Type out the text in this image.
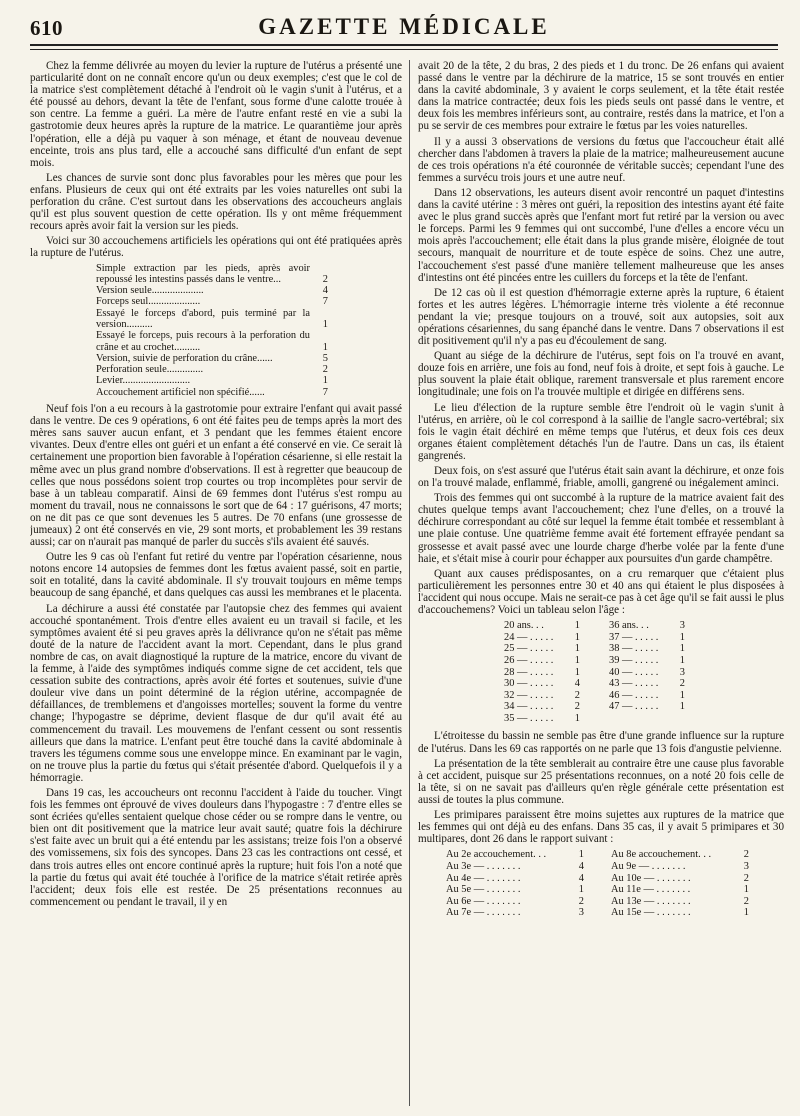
610	GAZETTE MÉDICALE

Chez la femme délivrée au moyen du levier la rupture de l'utérus a présenté une particularité dont on ne connaît encore qu'un ou deux exemples; c'est que le col de la matrice s'est complètement détaché à l'endroit où le vagin s'unit à l'utérus, et a été poussé au dehors, devant la tête de l'enfant, sous forme d'une calotte trouée à son centre. La femme a guéri. La mère de l'autre enfant resté en vie a subi la gastrotomie deux heures après la rupture de la matrice. Le quarantième jour après l'opération, elle a déjà pu vaquer à son ménage, et étant de nouveau devenue enceinte, trois ans plus tard, elle a accouché sans difficulté d'un enfant de sept mois.

Les chances de survie sont donc plus favorables pour les mères que pour les enfans. Plusieurs de ceux qui ont été extraits par les voies naturelles ont subi la perforation du crâne. C'est surtout dans les observations des accoucheurs anglais qu'il est plus souvent question de cette opération. Ils y ont même fréquemment recours après avoir fait la version sur les pieds.

Voici sur 30 accouchemens artificiels les opérations qui ont été pratiquées après la rupture de l'utérus.

Simple extraction par les pieds, après avoir repoussé les intestins passés dans le ventre...	2
Version seule....................	4
Forceps seul....................	7
Essayé le forceps d'abord, puis terminé par la version..........	1
Essayé le forceps, puis recours à la perforation du crâne et au crochet..........	1
Version, suivie de perforation du crâne......	5
Perforation seule..............	2
Levier..........................	1
Accouchement artificiel non spécifié......	7

Neuf fois l'on a eu recours à la gastrotomie pour extraire l'enfant qui avait passé dans le ventre. De ces 9 opérations, 6 ont été faites peu de temps après la mort des mères sans sauver aucun enfant, et 3 pendant que les femmes étaient encore vivantes. Deux d'entre elles ont guéri et un enfant a été conservé en vie. Ce serait là certainement une proportion bien favorable à l'opération césarienne, si elle restait la même avec un plus grand nombre d'observations. Il est à regretter que beaucoup de celles que nous possédons soient trop courtes ou trop incomplètes pour servir de base à un tableau comparatif. Ainsi de 69 femmes dont l'utérus s'est rompu au moment du travail, nous ne connaissons le sort que de 64 : 17 guérisons, 47 morts; on ne dit pas ce que sont devenues les 5 autres. De 70 enfans (une grossesse de jumeaux) 2 ont été conservés en vie, 29 sont morts, et probablement les 39 restans aussi; car on n'aurait pas manqué de parler du succès s'ils avaient été sauvés.

Outre les 9 cas où l'enfant fut retiré du ventre par l'opération césarienne, nous notons encore 14 autopsies de femmes dont les fœtus avaient passé, soit en partie, soit en totalité, dans la cavité abdominale. Il s'y trouvait toujours en même temps beaucoup de sang épanché, et dans quelques cas aussi les membranes et le placenta.

La déchirure a aussi été constatée par l'autopsie chez des femmes qui avaient accouché spontanément. Trois d'entre elles avaient eu un travail si facile, et les symptômes avaient été si peu graves après la délivrance qu'on ne s'était pas même douté de la nature de l'accident avant la mort. Cependant, dans le plus grand nombre de cas, on avait diagnostiqué la rupture de la matrice, encore du vivant de la femme, à l'aide des symptômes indiqués comme signe de cet accident, tels que cessation subite des contractions, après avoir été fortes et soutenues, suivie d'une douleur vive dans un point déterminé de la région utérine, accompagnée de défaillances, de tremblemens et d'angoisses mortelles; souvent la forme du ventre change; l'hypogastre se déprime, devient flasque de dur qu'il avait été au commencement du travail. Les mouvemens de l'enfant cessent ou sont ressentis ailleurs que dans la matrice. L'enfant peut être touché dans la cavité abdominale à travers les tégumens comme sous une enveloppe mince. En examinant par le vagin, on ne trouve plus la partie du fœtus qui s'était présentée d'abord. Quelquefois il y a hémorragie.

Dans 19 cas, les accoucheurs ont reconnu l'accident à l'aide du toucher. Vingt fois les femmes ont éprouvé de vives douleurs dans l'hypogastre : 7 d'entre elles se sont écriées qu'elles sentaient quelque chose céder ou se rompre dans le ventre, ou bien ont dit positivement que la matrice leur avait sauté; quatre fois la déchirure s'est faite avec un bruit qui a été entendu par les assistans; treize fois l'on a observé des vomissemens, six fois des syncopes. Dans 23 cas les contractions ont cessé, et dans trois autres elles ont encore continué après la rupture; huit fois l'on a noté que la partie du fœtus qui avait été touchée à l'orifice de la matrice s'était retirée après l'accident; deux fois elle est restée. De 25 présentations reconnues au commencement ou pendant le travail, il y en

avait 20 de la tête, 2 du bras, 2 des pieds et 1 du tronc. De 26 enfans qui avaient passé dans le ventre par la déchirure de la matrice, 15 se sont trouvés en entier dans la cavité abdominale, 3 y avaient le corps seulement, et la tête était restée dans la matrice contractée; deux fois les pieds seuls ont passé dans le ventre, et deux fois les membres inférieurs sont, au contraire, restés dans la matrice, et l'on a pu se servir de ces membres pour extraire le fœtus par les voies naturelles.

Il y a aussi 3 observations de versions du fœtus que l'accoucheur était allé chercher dans l'abdomen à travers la plaie de la matrice; malheureusement aucune de ces trois opérations n'a été couronnée de véritable succès; cependant l'une des femmes a survécu trois jours et une autre neuf.

Dans 12 observations, les auteurs disent avoir rencontré un paquet d'intestins dans la cavité utérine : 3 mères ont guéri, la reposition des intestins ayant été faite avec le plus grand succès après que l'enfant mort fut retiré par la version ou avec le forceps. Parmi les 9 femmes qui ont succombé, l'une d'elles a encore vécu un mois après l'accouchement; elle était dans la plus grande misère, éloignée de tout secours, manquait de nourriture et de toute espèce de soins. Chez une autre, l'accouchement s'est passé d'une manière tellement malheureuse que les anses d'intestins ont été pincées entre les cuillers du forceps et la tête de l'enfant.

De 12 cas où il est question d'hémorragie externe après la rupture, 6 étaient fortes et les autres légères. L'hémorragie interne très violente a été reconnue pendant la vie; presque toujours on a trouvé, soit aux autopsies, soit aux opérations césariennes, du sang épanché dans le ventre. Dans 7 observations il est dit positivement qu'il n'y a pas eu d'écoulement de sang.

Quant au siége de la déchirure de l'utérus, sept fois on l'a trouvé en avant, douze fois en arrière, une fois au fond, neuf fois à droite, et sept fois à gauche. Le plus souvent la plaie était oblique, rarement transversale et plus rarement encore longitudinale; une fois on l'a trouvée multiple et dirigée en différens sens.

Le lieu d'élection de la rupture semble être l'endroit où le vagin s'unit à l'utérus, en arrière, où le col correspond à la saillie de l'angle sacro-vertébral; six fois le vagin était déchiré en même temps que l'utérus, et deux fois ces deux organes étaient complètement détachés l'un de l'autre. Dans un cas, ils étaient gangrenés.

Deux fois, on s'est assuré que l'utérus était sain avant la déchirure, et onze fois on l'a trouvé malade, enflammé, friable, amolli, gangrené ou inégalement aminci.

Trois des femmes qui ont succombé à la rupture de la matrice avaient fait des chutes quelque temps avant l'accouchement; chez l'une d'elles, on a trouvé la déchirure correspondant au côté sur lequel la femme était tombée et ressemblant à une plaie contuse. Une quatrième femme avait été fortement effrayée pendant sa grossesse et avait passé avec une lourde charge d'herbe volée par la fente d'une haie, et s'était mise à courir pour échapper aux poursuites d'un garde champêtre.

Quant aux causes prédisposantes, on a cru remarquer que c'étaient plus particulièrement les personnes entre 30 et 40 ans qui étaient le plus disposées à l'accident qui nous occupe. Mais ne serait-ce pas à cet âge qu'il se fait aussi le plus d'accouchemens? Voici un tableau selon l'âge :

20 ans. . .	1
24 — . . . . .	1
25 — . . . . .	1
26 — . . . . .	1
28 — . . . . .	1
30 — . . . . .	4
32 — . . . . .	2
34 — . . . . .	2
35 — . . . . .	1
36 ans. . .	3
37 — . . . . .	1
38 — . . . . .	1
39 — . . . . .	1
40 — . . . . .	3
43 — . . . . .	2
46 — . . . . .	1
47 — . . . . .	1

L'étroitesse du bassin ne semble pas être d'une grande influence sur la rupture de l'utérus. Dans les 69 cas rapportés on ne parle que 13 fois d'angustie pelvienne.

La présentation de la tête semblerait au contraire être une cause plus favorable à cet accident, puisque sur 25 présentations reconnues, on a noté 20 fois celle de la tête, si on ne savait pas d'ailleurs qu'en règle générale cette présentation est aussi de toutes la plus commune.

Les primipares paraissent être moins sujettes aux ruptures de la matrice que les femmes qui ont déjà eu des enfans. Dans 35 cas, il y avait 5 primipares et 30 multipares, dont 26 dans le rapport suivant :

Au 2e accouchement. . .	1
Au 3e — . . . . . . .	4
Au 4e — . . . . . . .	4
Au 5e — . . . . . . .	1
Au 6e — . . . . . . .	2
Au 7e — . . . . . . .	3
Au 8e accouchement. . .	2
Au 9e — . . . . . . .	3
Au 10e — . . . . . . .	2
Au 11e — . . . . . . .	1
Au 13e — . . . . . . .	2
Au 15e — . . . . . . .	1
